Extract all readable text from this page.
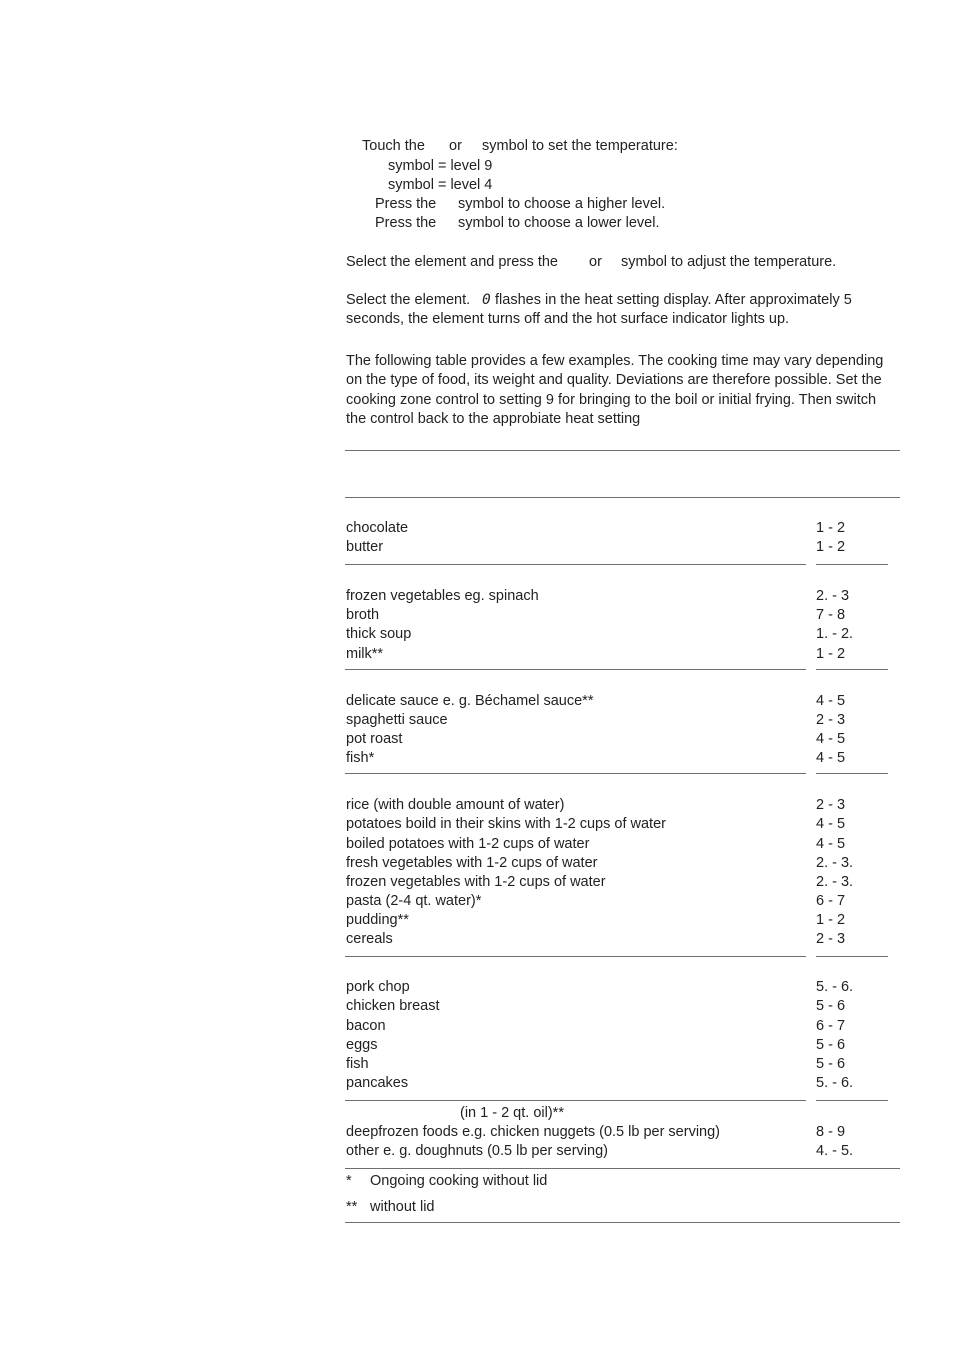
Touch the or symbol to set the temperature:
symbol = level 9
symbol = level 4
Press the symbol to choose a higher level.
Press the symbol to choose a lower level.
Select the element and press the or symbol to adjust the temperature.
Select the element. 0 flashes in the heat setting display. After approximately 5
seconds, the element turns off and the hot surface indicator lights up.
The following table provides a few examples. The cooking time may vary depending
on the type of food, its weight and quality. Deviations are therefore possible. Set the
cooking zone control to setting 9 for bringing to the boil or initial frying. Then switch
the control back to the approbiate heat setting
chocolate	1 - 2
butter	1 - 2
frozen vegetables eg. spinach	2. - 3
broth	7 - 8
thick soup	1. - 2.
milk**	1 - 2
delicate sauce e. g. Béchamel sauce**	4 - 5
spaghetti sauce	2 - 3
pot roast	4 - 5
fish*	4 - 5
rice (with double amount of water)	2 - 3
potatoes boild in their skins with 1-2 cups of water	4 - 5
boiled potatoes with 1-2 cups of water	4 - 5
fresh vegetables with 1-2 cups of water	2. - 3.
frozen vegetables with 1-2 cups of water	2. - 3.
pasta (2-4 qt. water)*	6 - 7
pudding**	1 - 2
cereals	2 - 3
pork chop	5. - 6.
chicken breast	5 - 6
bacon	6 - 7
eggs	5 - 6
fish	5 - 6
pancakes	5. - 6.
(in 1 - 2 qt. oil)**
deepfrozen foods e.g. chicken nuggets (0.5 lb per serving)	8 - 9
other e. g. doughnuts (0.5 lb per serving)	4. - 5.
* Ongoing cooking without lid
** without lid
